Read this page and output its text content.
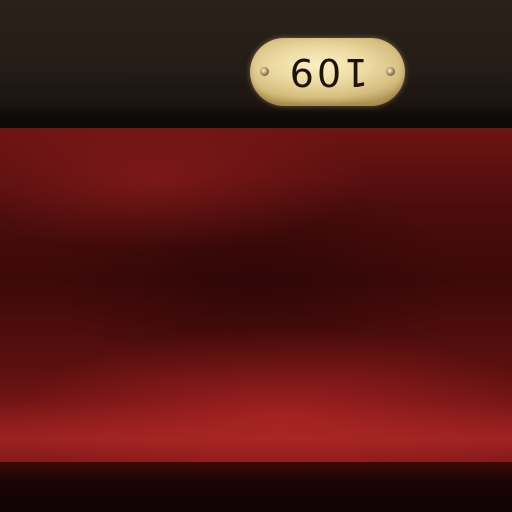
109
